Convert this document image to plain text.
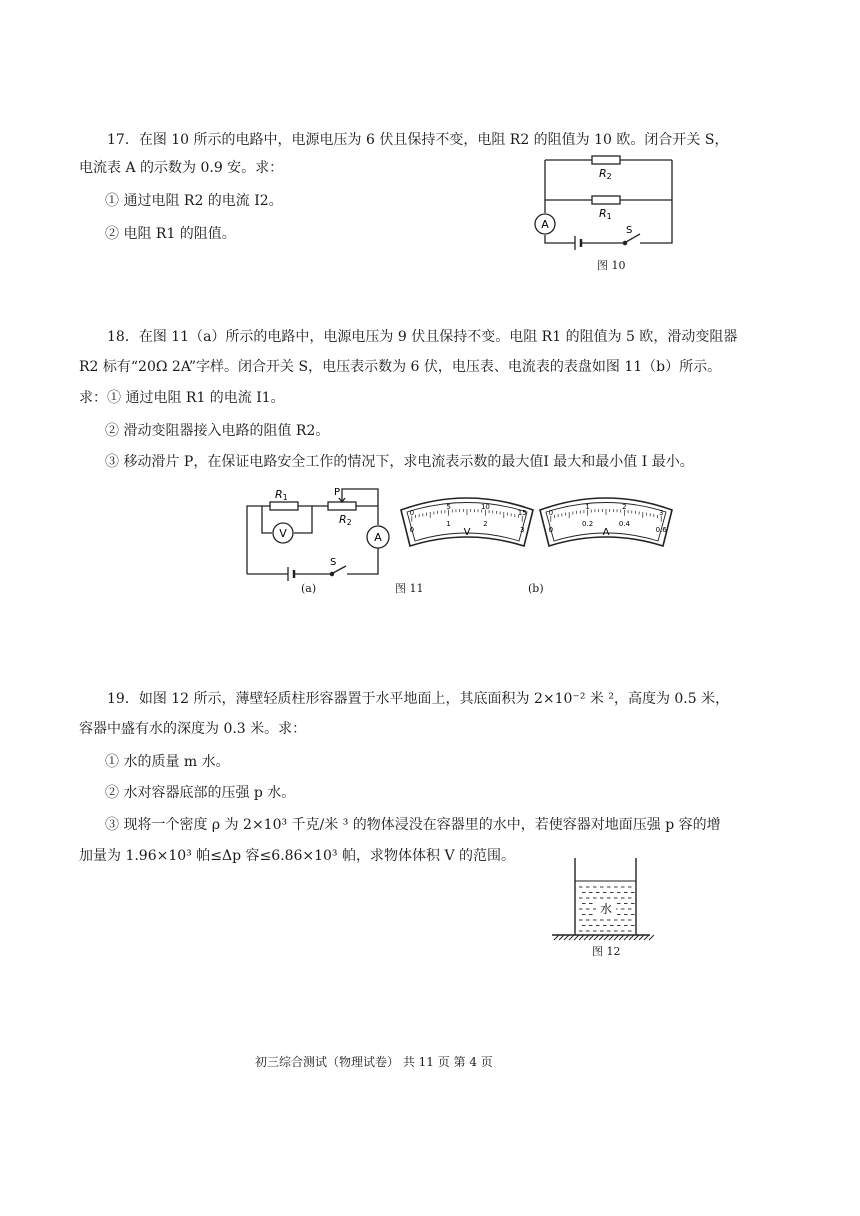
17．在图 10 所示的电路中，电源电压为 6 伏且保持不变，电阻 R2 的阻值为 10 欧。闭合开关 S，
电流表 A 的示数为 0.9 安。求：
① 通过电阻 R2 的电流 I2。
② 电阻 R1 的阻值。
R2
R1
A	S
图 10
18．在图 11（a）所示的电路中，电源电压为 9 伏且保持不变。电阻 R1 的阻值为 5 欧，滑动变阻器
R2 标有“20Ω 2A”字样。闭合开关 S，电压表示数为 6 伏，电压表、电流表的表盘如图 11（b）所示。
求：① 通过电阻 R1 的电流 I1。
② 滑动变阻器接入电路的阻值 R2。
③ 移动滑片 P，在保证电路安全工作的情况下，求电流表示数的最大值I 最大和最小值 I 最小。
R1
R2
P
V	A
S
0
5	10
15
0
1	2
3
V
0
1	2
3
0
0.2	0.4
0.6
A
(a)	图 11	(b)
19．如图 12 所示，薄壁轻质柱形容器置于水平地面上，其底面积为 2×10⁻² 米 ²，高度为 0.5 米，
容器中盛有水的深度为 0.3 米。求：
① 水的质量 m 水。
② 水对容器底部的压强 p 水。
③ 现将一个密度 ρ 为 2×10³ 千克/米 ³ 的物体浸没在容器里的水中，若使容器对地面压强 p 容的增
加量为 1.96×10³ 帕≤Δp 容≤6.86×10³ 帕，求物体体积 V 的范围。
水
图 12
初三综合测试（物理试卷） 共 11 页 第 4 页
